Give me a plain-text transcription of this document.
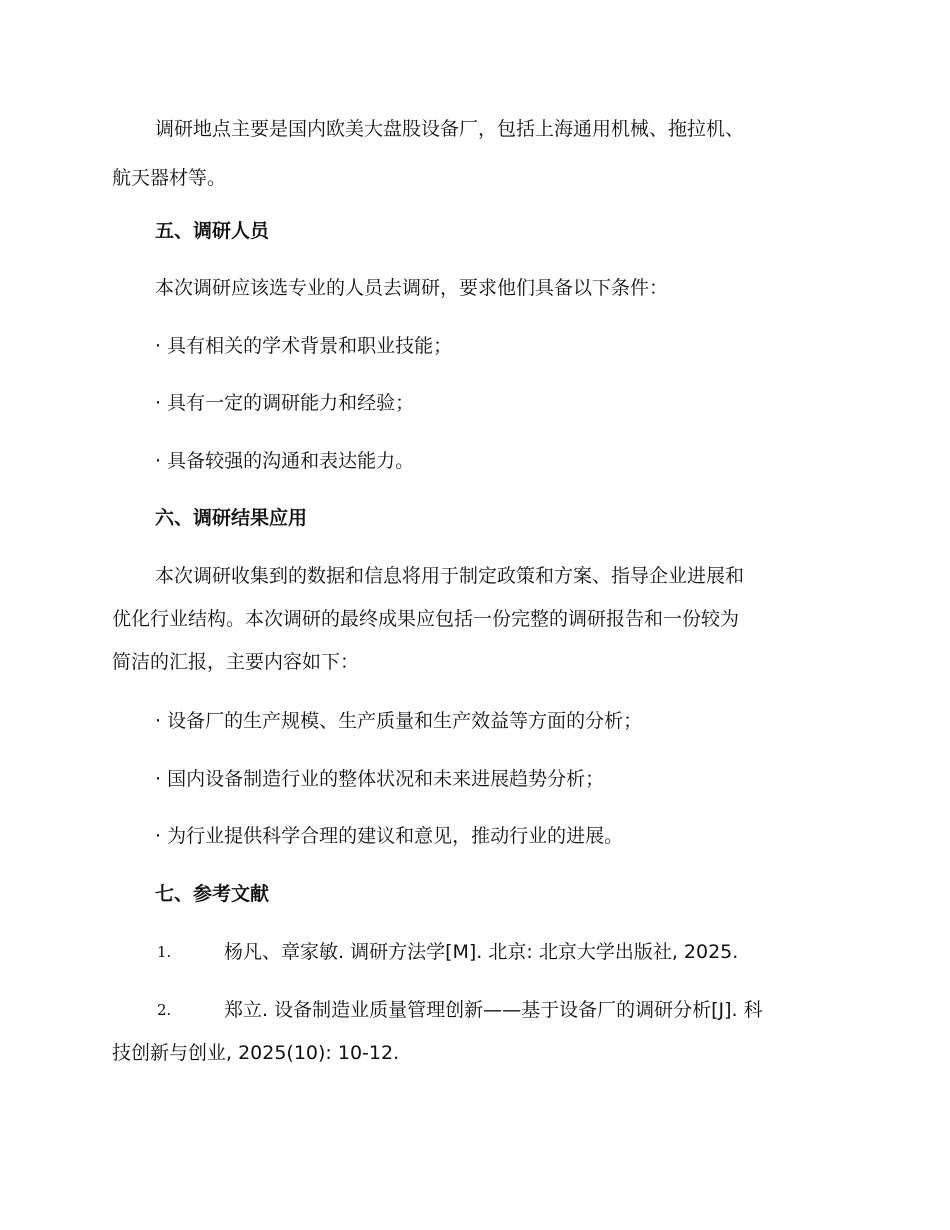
调研地点主要是国内欧美大盘股设备厂，包括上海通用机械、拖拉机、
航天器材等。
五、调研人员
本次调研应该选专业的人员去调研，要求他们具备以下条件：
· 具有相关的学术背景和职业技能；
· 具有一定的调研能力和经验；
· 具备较强的沟通和表达能力。
六、调研结果应用
本次调研收集到的数据和信息将用于制定政策和方案、指导企业进展和
优化行业结构。本次调研的最终成果应包括一份完整的调研报告和一份较为
简洁的汇报，主要内容如下：
· 设备厂的生产规模、生产质量和生产效益等方面的分析；
· 国内设备制造行业的整体状况和未来进展趋势分析；
· 为行业提供科学合理的建议和意见，推动行业的进展。
七、参考文献
1.	杨凡、章家敏. 调研方法学[M]. 北京: 北京大学出版社, 2025.
2.	郑立. 设备制造业质量管理创新——基于设备厂的调研分析[J]. 科
技创新与创业, 2025(10): 10-12.
